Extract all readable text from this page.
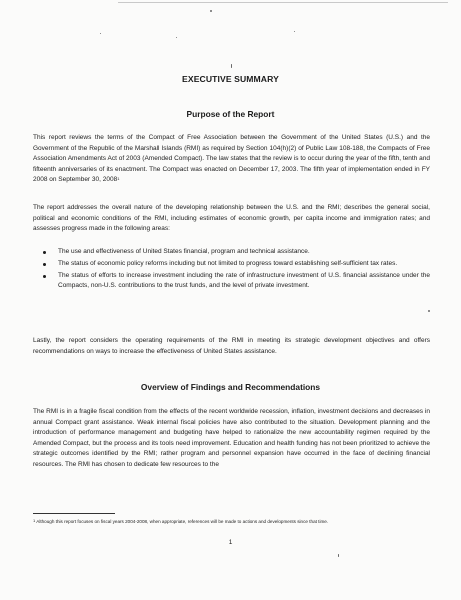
EXECUTIVE SUMMARY
Purpose of the Report

This report reviews the terms of the Compact of Free Association between the Government of the United States (U.S.) and the Government of the Republic of the Marshall Islands (RMI) as required by Section 104(h)(2) of Public Law 108-188, the Compacts of Free Association Amendments Act of 2003 (Amended Compact). The law states that the review is to occur during the year of the fifth, tenth and fifteenth anniversaries of its enactment. The Compact was enacted on December 17, 2003. The fifth year of implementation ended in FY 2008 on September 30, 2008$^1$

The report addresses the overall nature of the developing relationship between the U.S. and the RMI; describes the general social, political and economic conditions of the RMI, including estimates of economic growth, per capita income and immigration rates; and assesses progress made in the following areas:

The use and effectiveness of United States financial, program and technical assistance.
The status of economic policy reforms including but not limited to progress toward establishing self-sufficient tax rates.
The status of efforts to increase investment including the rate of infrastructure investment of U.S. financial assistance under the Compacts, non-U.S. contributions to the trust funds, and the level of private investment.

Lastly, the report considers the operating requirements of the RMI in meeting its strategic development objectives and offers recommendations on ways to increase the effectiveness of United States assistance.

Overview of Findings and Recommendations

The RMI is in a fragile fiscal condition from the effects of the recent worldwide recession, inflation, investment decisions and decreases in annual Compact grant assistance. Weak internal fiscal policies have also contributed to the situation. Development planning and the introduction of performance management and budgeting have helped to rationalize the new accountability regimen required by the Amended Compact, but the process and its tools need improvement. Education and health funding has not been prioritized to achieve the strategic outcomes identified by the RMI; rather program and personnel expansion have occurred in the face of declining financial resources. The RMI has chosen to dedicate few resources to the

$^1$ Although this report focuses on fiscal years 2004-2008, when appropriate, references will be made to actions and developments since that time.

1
